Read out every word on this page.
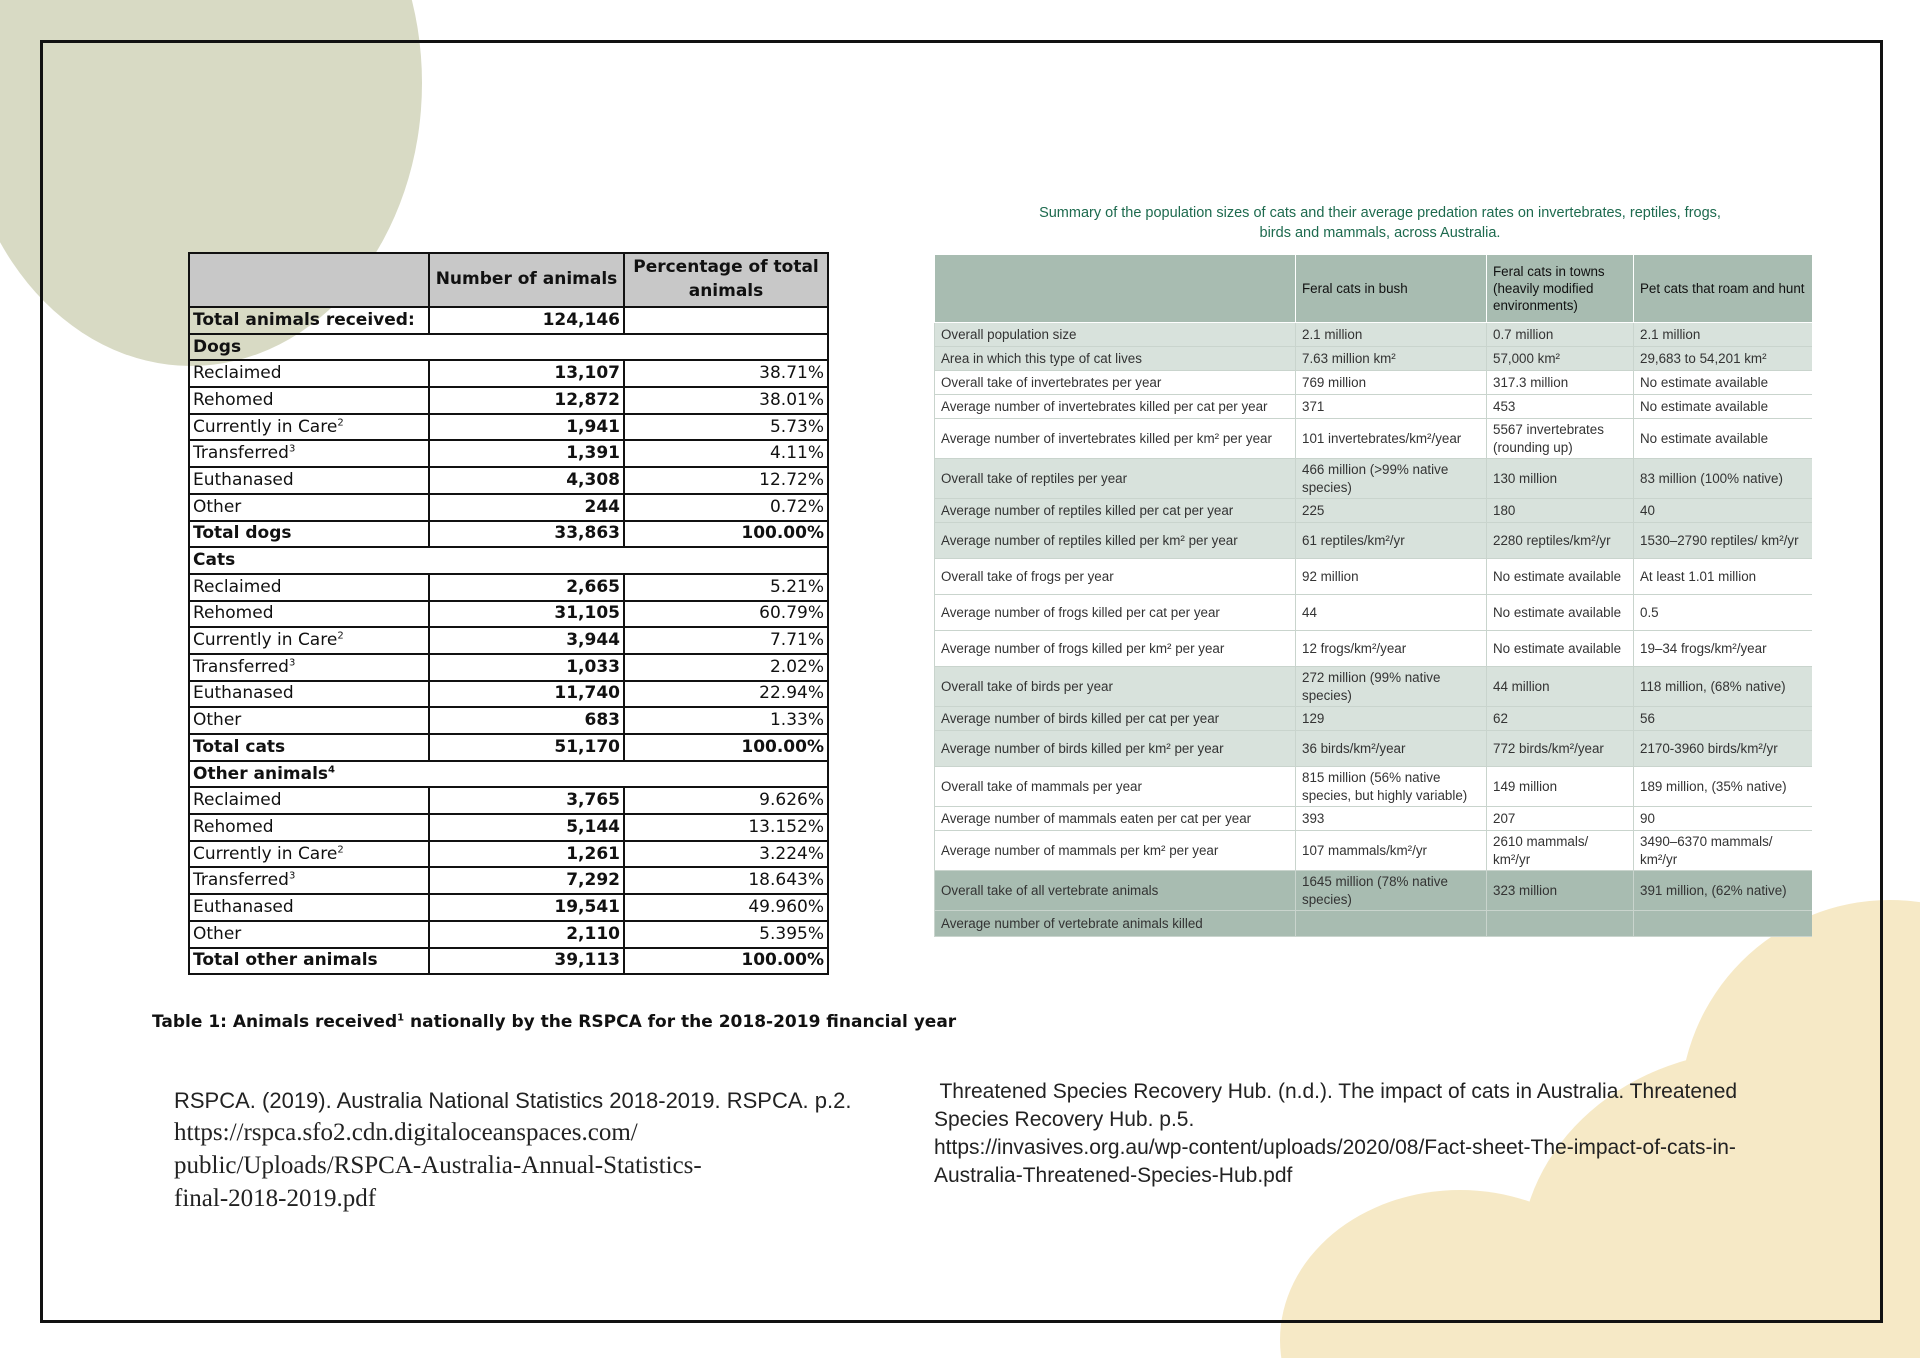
	Number of animals	Percentage of total animals
Total animals received:	124,146	
Dogs		
Reclaimed	13,107	38.71%
Rehomed	12,872	38.01%
Currently in Care$^2$	1,941	5.73%
Transferred$^3$	1,391	4.11%
Euthanased	4,308	12.72%
Other	244	0.72%
Total dogs	33,863	100.00%
Cats		
Reclaimed	2,665	5.21%
Rehomed	31,105	60.79%
Currently in Care$^2$	3,944	7.71%
Transferred$^3$	1,033	2.02%
Euthanased	11,740	22.94%
Other	683	1.33%
Total cats	51,170	100.00%
Other animals$^4$
Reclaimed	3,765	9.626%
Rehomed	5,144	13.152%
Currently in Care$^2$	1,261	3.224%
Transferred$^3$	7,292	18.643%
Euthanased	19,541	49.960%
Other	2,110	5.395%
Total other animals	39,113	100.00%
Table 1: Animals received$^1$ nationally by the RSPCA for the 2018-2019 financial year
RSPCA. (2019). Australia National Statistics 2018-2019. RSPCA. p.2.
https://rspca.sfo2.cdn.digitaloceanspaces.com/
public/Uploads/RSPCA-Australia-Annual-Statistics-
final-2018-2019.pdf
Summary of the population sizes of cats and their average predation rates on invertebrates, reptiles, frogs,
birds and mammals, across Australia.
	Feral cats in bush	Feral cats in towns (heavily modified environments)	Pet cats that roam and hunt
Overall population size	2.1 million	0.7 million	2.1 million
Area in which this type of cat lives	7.63 million km²	57,000 km²	29,683 to 54,201 km²
Overall take of invertebrates per year	769 million	317.3 million	No estimate available
Average number of invertebrates killed per cat per year	371	453	No estimate available
Average number of invertebrates killed per km² per year	101 invertebrates/km²/year	5567 invertebrates (rounding up)	No estimate available
Overall take of reptiles per year	466 million (>99% native species)	130 million	83 million (100% native)
Average number of reptiles killed per cat per year	225	180	40
Average number of reptiles killed per km² per year	61 reptiles/km²/yr	2280 reptiles/km²/yr	1530–2790 reptiles/ km²/yr
Overall take of frogs per year	92 million	No estimate available	At least 1.01 million
Average number of frogs killed per cat per year	44	No estimate available	0.5
Average number of frogs killed per km² per year	12 frogs/km²/year	No estimate available	19–34 frogs/km²/year
Overall take of birds per year	272 million (99% native species)	44 million	118 million, (68% native)
Average number of birds killed per cat per year	129	62	56
Average number of birds killed per km² per year	36 birds/km²/year	772 birds/km²/year	2170-3960 birds/km²/yr
Overall take of mammals per year	815 million (56% native species, but highly variable)	149 million	189 million, (35% native)
Average number of mammals eaten per cat per year	393	207	90
Average number of mammals per km² per year	107 mammals/km²/yr	2610 mammals/ km²/yr	3490–6370 mammals/ km²/yr
Overall take of all vertebrate animals	1645 million (78% native species)	323 million	391 million, (62% native)
Average number of vertebrate animals killed			
Threatened Species Recovery Hub. (n.d.). The impact of cats in Australia. Threatened
Species Recovery Hub. p.5.
https://invasives.org.au/wp-content/uploads/2020/08/Fact-sheet-The-impact-of-cats-in-
Australia-Threatened-Species-Hub.pdf
